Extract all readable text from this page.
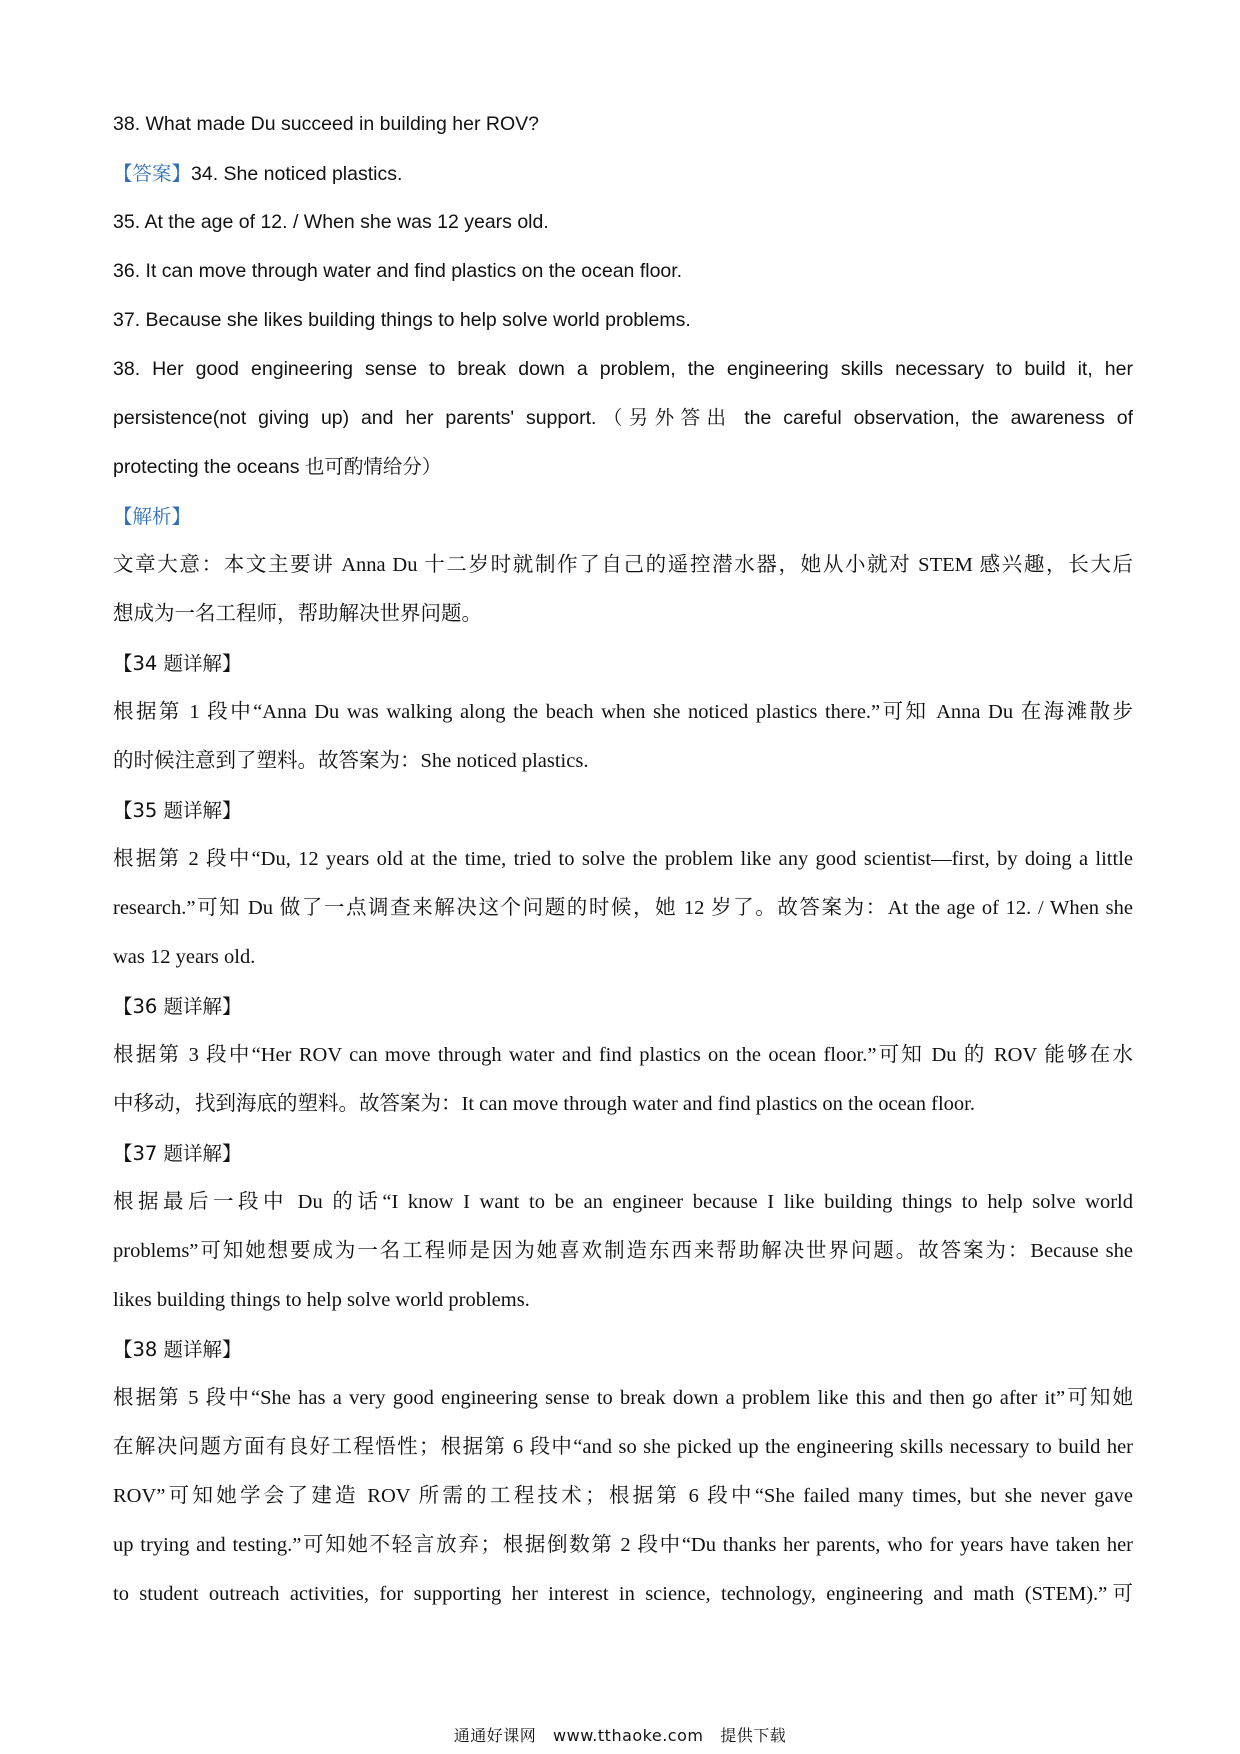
38. What made Du succeed in building her ROV?
【答案】34. She noticed plastics.
35. At the age of 12. / When she was 12 years old.
36. It can move through water and find plastics on the ocean floor.
37. Because she likes building things to help solve world problems.
38. Her good engineering sense to break down a problem, the engineering skills necessary to build it, her
persistence(not giving up) and her parents' support.（另外答出 the careful observation, the awareness of
protecting the oceans 也可酌情给分）
【解析】
文章大意：本文主要讲 Anna Du 十二岁时就制作了自己的遥控潜水器，她从小就对 STEM 感兴趣，长大后
想成为一名工程师，帮助解决世界问题。
【34 题详解】
根据第 1 段中“Anna Du was walking along the beach when she noticed plastics there.”可知 Anna Du 在海滩散步
的时候注意到了塑料。故答案为：She noticed plastics.
【35 题详解】
根据第 2 段中“Du, 12 years old at the time, tried to solve the problem like any good scientist—first, by doing a little
research.”可知 Du 做了一点调查来解决这个问题的时候，她 12 岁了。故答案为：At the age of 12. / When she
was 12 years old.
【36 题详解】
根据第 3 段中“Her ROV can move through water and find plastics on the ocean floor.”可知 Du 的 ROV 能够在水
中移动，找到海底的塑料。故答案为：It can move through water and find plastics on the ocean floor.
【37 题详解】
根据最后一段中 Du 的话“I know I want to be an engineer because I like building things to help solve world
problems”可知她想要成为一名工程师是因为她喜欢制造东西来帮助解决世界问题。故答案为：Because she
likes building things to help solve world problems.
【38 题详解】
根据第 5 段中“She has a very good engineering sense to break down a problem like this and then go after it”可知她
在解决问题方面有良好工程悟性；根据第 6 段中“and so she picked up the engineering skills necessary to build her
ROV”可知她学会了建造 ROV 所需的工程技术；根据第 6 段中“She failed many times, but she never gave
up trying and testing.”可知她不轻言放弃；根据倒数第 2 段中“Du thanks her parents, who for years have taken her
to student outreach activities, for supporting her interest in science, technology, engineering and math (STEM).”可
通通好课网 www.tthaoke.com 提供下载
